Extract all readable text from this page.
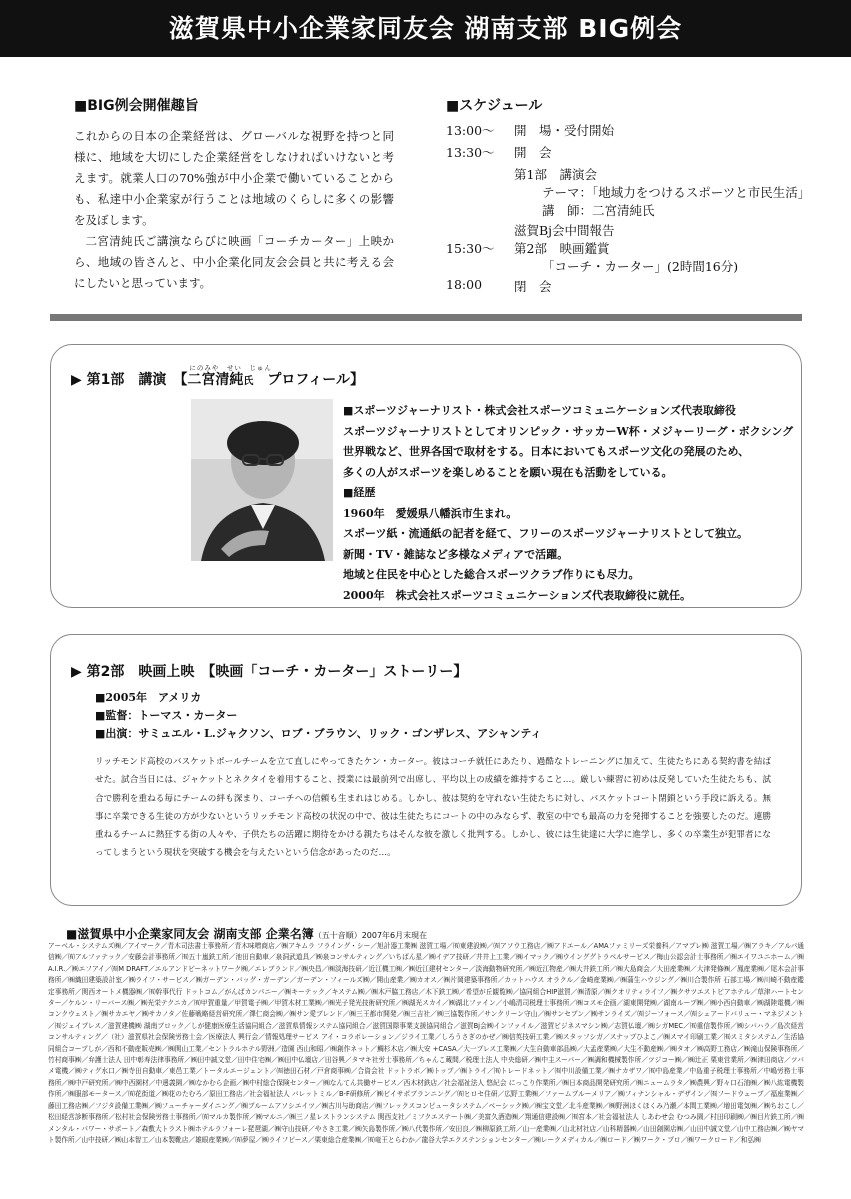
滋賀県中小企業家同友会 湖南支部 BIG例会
■BIG例会開催趣旨

これからの日本の企業経営は、グローバルな視野を持つと同様に、地域を大切にした企業経営をしなければいけないと考えます。就業人口の70%強が中小企業で働いていることからも、私達中小企業家が行うことは地域のくらしに多くの影響を及ぼします。

二宮清純氏ご講演ならびに映画「コーチカーター」上映から、地域の皆さんと、中小企業化同友会会員と共に考える会にしたいと思っています。

■スケジュール
13:00～	開　場・受付開始
13:30～	開　会
第1部　講演会
テーマ：「地域力をつけるスポーツと市民生活」
講　師：二宮清純氏
滋賀Bj会中間報告
15:30～	第2部　映画鑑賞
「コーチ・カーター」(2時間16分)
18:00	閉　会
▶ 第1部　講演　【
にのみや　せい　じゅん
二宮清純氏　プロフィール】
■スポーツジャーナリスト・株式会社スポーツコミュニケーションズ代表取締役
スポーツジャーナリストとしてオリンピック・サッカーW杯・メジャーリーグ・ボクシング
世界戦など、世界各国で取材をする。日本においてもスポーツ文化の発展のため、
多くの人がスポーツを楽しめることを願い現在も活動をしている。
■経歴
1960年　愛媛県八幡浜市生まれ。
スポーツ紙・流通紙の記者を経て、フリーのスポーツジャーナリストとして独立。
新聞・TV・雑誌など多様なメディアで活躍。
地域と住民を中心とした総合スポーツクラブ作りにも尽力。
2000年　株式会社スポーツコミュニケーションズ代表取締役に就任。
▶ 第2部　映画上映　【映画「コーチ・カーター」ストーリー】
■2005年　アメリカ
■監督：トーマス・カーター
■出演：サミュエル・L.ジャクソン、ロブ・ブラウン、リック・ゴンザレス、アシャンティ
リッチモンド高校のバスケットボールチームを立て直しにやってきたケン・カーター。彼はコーチ就任にあたり、過酷なトレーニングに加えて、生徒たちにある契約書を結ばせた。試合当日には、ジャケットとネクタイを着用すること、授業には最前列で出席し、平均以上の成績を維持すること…。厳しい練習に初めは反発していた生徒たちも、試合で勝利を重ねる毎にチームの絆も深まり、コーチへの信頼も生まれはじめる。しかし、彼は契約を守れない生徒たちに対し、バスケットコート閉鎖という手段に訴える。無事に卒業できる生徒の方が少ないというリッチモンド高校の状況の中で、彼は生徒たちにコートの中のみならず、教室の中でも最高の力を発揮することを強要したのだ。連勝重ねるチームに熱狂する街の人々や、子供たちの活躍に期待をかける親たちはそんな彼を激しく批判する。しかし、彼には生徒達に大学に進学し、多くの卒業生が犯罪者になってしまうという現状を突破する機会を与えたいという信念があったのだ…。
■滋賀県中小企業家同友会 湖南支部 企業名簿（五十音順）2007年6月末現在
アーベル・システムズ㈱／アイマーク／青木司法書士事務所／青木味噌商店／㈱アキムラ フライング・シー／旭計器工業㈱ 滋賀工場／㈲東建設㈱／㈲アソウ工務店／㈱アドエール／AMAファミリーズ栄養科／アマプレ㈱ 滋賀工場／㈱アラキ／アルパ通信㈱／㈲アルファテック／安藤会計事務所／㈲五十嵐鉄工所／池田自動車／泉洞武道具／㈱泉コンサルティング／いちばん星／㈱イデア技研／井井上工業／㈱イマック／㈱ウインググトラベルサービス／梅山公認会計士事務所／㈱エイワユニホーム／㈱A.I.R.／㈱エフアイ／㈲M DRAFT／エルアンドビーネットワーク㈱／エレブランド／㈱央昌／㈱淡海技研／近江機工㈱／㈱近江建材センター／淡海動物研究所／㈱近江物産／㈱大井鉄工所／㈱大島商会／大田産業㈱／大津発條㈱／鳳産業㈱／尾木会計事務所／㈱織田建築設計室／㈱ライフ・サービス／㈱ガーデン・バッグ・ガーデン／ガーデン・フィールズ㈱／開山産業／㈱カオス／㈱片岡建築事務所／カットハウス オラクル／金崎産業㈱／㈱蒲生ハウジング／㈱川合製作所 石部工場／㈱川崎不動産鑑定事務所／関西オートメ機器㈱／㈲幹事代行 ドットコム／がんばカンパニー／㈱キーテック／キステム㈱／㈱木戸脇工務店／木下鉄工㈱／希望が丘観覧㈱／協同組合HIP滋賀／㈱清原／㈱クオリティライフ／㈱クサツエストピアホテル／草津ハートセンター／ケルン・リーバース㈱／㈱光栄テクニカ／㈲甲賀重量／甲賀電子㈱／甲賀木材工業㈱／㈱光子発光技術研究所／㈱湖光スカイ／㈱湖北ファイン／小嶋清司税理士事務所／㈱コスモ企画／湖東開発㈱／湖南ループ㈱／㈱小西自動車／㈱湖陸電機／㈱コンクウェスト／㈱サカエヤ／㈱サカノタ／佐藤戦略経営研究所／澤仁商会㈱／㈱サン愛ブレンド／㈱三王都市開発／㈱三吉社／㈱三協製作所／サンクリーン守山／㈱サンセブン／㈱サンライズ／㈲ジーフォース／㈲シェアードバリュー・マネジメント／㈲ジェイプレス／滋賀建機㈱ 湖南ブロック／しが健康医療生活協同組合／滋賀県情報システム協同組合／滋賀国際事業支援協同組合／滋賀Bj会㈱インファイル／滋賀ビジネスマシン㈱／志賀仏壇／㈱シガMEC／㈲重信製作所／㈱シバハラ／島次経営コンサルティング／（社）滋賀県社会保険労務士会／医療法人 興行会／情報処理サービス アイ・コラボレーション／ジライ工業／しろうさぎのかぜ／㈱信英技研工業／㈱スタッフシガ／スナップひよこ／㈱スマイ印刷工業／㈲スミタシステム／生活協同組合コープしが／西和不動産販売㈱／㈱関山工業／セントラルホテル野洲／造園 西山和昭／㈱創作ネット／鯛杉木店／㈱大安 +CASA／大一プレス工業㈱／大生自動車部品㈱／大孟産業㈱／大生不動産㈱／㈱タオ／㈱高野工務店／㈱滝山保険事務所／竹村商事㈱／弁護士法人 田中彰寿法律事務所／㈱田中誠文堂／田中住宅㈱／㈱田中仏壇店／田谷興／タマキ社労士事務所／ちゃんこ蔵間／税理士法人 中央総研／㈱中主スーパー／㈱調和機械製作所／ツジコー㈱／㈱辻正 栗東営業所／㈱津田商店／ツバメ電機／㈱ティグ水口／㈱寺田自動車／東邑工業／トータルエージェント／㈲徳田石材／戸倉商事㈱／合資会社 ドットラボ／㈱トップ／㈱トライ／㈲トレードネット／㈲中川設備工業／㈱ナカザワ／㈲中島産業／中島重子税理士事務所／中嶋労務士事務所／㈱中戸研究所／㈱中西園材／中邊義園／㈱なかむら企画／㈱中村総合保険センター／㈱なんてん共働サービス／西木材鉄店／社会福祉法人 悠紀会 にっこり作業所／㈱日本商品開発研究所／㈱ニュームラタ／㈱農興／野々口石油㈱／㈱八紘電機製作所／㈱服部モータース／㈲花街道／㈱花のたむろ／原田工務店／社会福祉法人 バレットミル／B-F研修所／㈱ビイサポブランニング／㈲ヒロセ住研／広野工業㈱／ファームブルーメリア／㈱フィナンシャル・デザイン／㈲フードウェーブ／福座業㈱／藤田工務店㈱／フジタ設備工業㈱／㈱フューチャーダイニング／㈱ブルームアソシエイツ／㈱古川与助商店／㈱フレックスコンピュータシステム／ベーシック㈱／㈱宝文堂／北斗産業㈱／㈱野洲ほくほくみ乃瀬／本間工業㈱／増田電気㈱／㈱ちおこし／松田経営診断事務所／松村社会保険労務士事務所／㈲マルカ製作所／㈱マルニ／㈱三ノ星レストランシステム 関西支社／ミフクエステート㈱／美富久酒造㈱／翔通信建設㈱／㈲宮本／社会福祉法人 しあわせ会 むつみ園／村田印刷㈱／㈱目片鉄工所／㈱メンタル・パワー・サポート／森敷大トラスト㈱ホテルラフォーレ琵琶湖／㈱守山技研／やさき工業／㈱矢島製作所／㈱八代製作所／安田良／㈱柳原鉄工所／山一産業㈱／山北材社店／山科精器㈱／山田創園店㈱／山田中誠文堂／山中工務店㈱／㈱ヤマト製作所／山中技研／㈱山本智工／山本製靴店／雄眼産業㈱／㈲夢屋／㈱ライフピース／栗東総合産業㈱／㈲竜王とらわか／龍谷大学エクステンションセンター／㈱レークメディカル／㈱ロード／㈱ワーク・プロ／㈱ワークロード／和弘㈱
